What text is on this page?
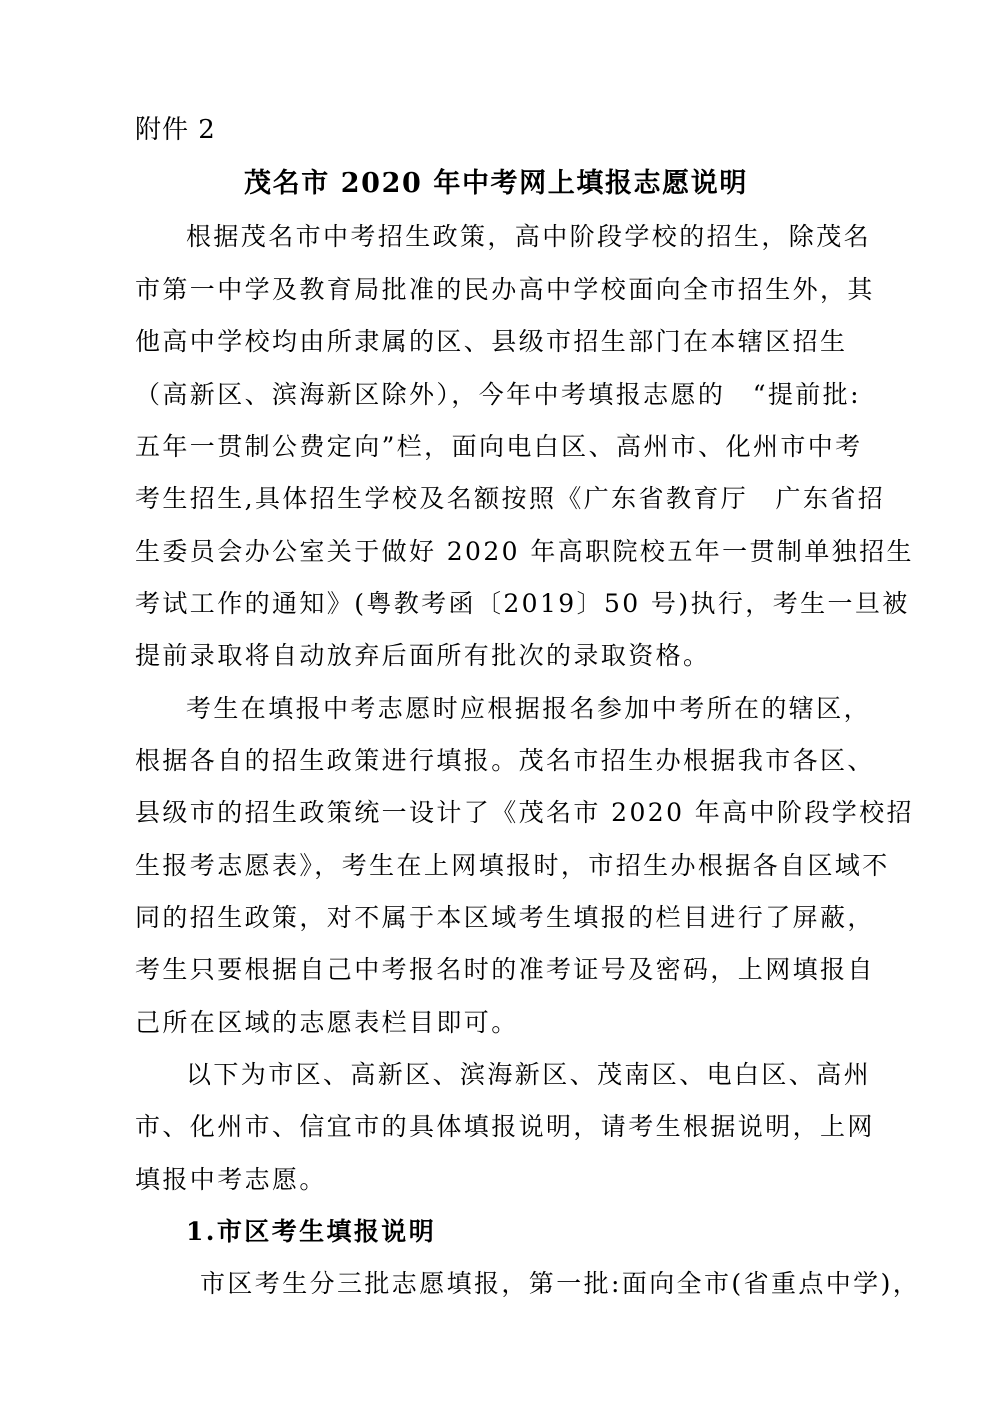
附件 2
茂名市 2020 年中考网上填报志愿说明
根据茂名市中考招生政策，高中阶段学校的招生，除茂名
市第一中学及教育局批准的民办高中学校面向全市招生外，其
他高中学校均由所隶属的区、县级市招生部门在本辖区招生
（高新区、滨海新区除外），今年中考填报志愿的　“提前批:
五年一贯制公费定向”栏，面向电白区、高州市、化州市中考
考生招生,具体招生学校及名额按照《广东省教育厅　广东省招
生委员会办公室关于做好 2020 年高职院校五年一贯制单独招生
考试工作的通知》(粤教考函〔2019〕50 号)执行，考生一旦被
提前录取将自动放弃后面所有批次的录取资格。
考生在填报中考志愿时应根据报名参加中考所在的辖区，
根据各自的招生政策进行填报。茂名市招生办根据我市各区、
县级市的招生政策统一设计了《茂名市 2020 年高中阶段学校招
生报考志愿表》，考生在上网填报时，市招生办根据各自区域不
同的招生政策，对不属于本区域考生填报的栏目进行了屏蔽，
考生只要根据自己中考报名时的准考证号及密码，上网填报自
己所在区域的志愿表栏目即可。
以下为市区、高新区、滨海新区、茂南区、电白区、高州
市、化州市、信宜市的具体填报说明，请考生根据说明，上网
填报中考志愿。
1.市区考生填报说明
市区考生分三批志愿填报，第一批:面向全市(省重点中学)，
